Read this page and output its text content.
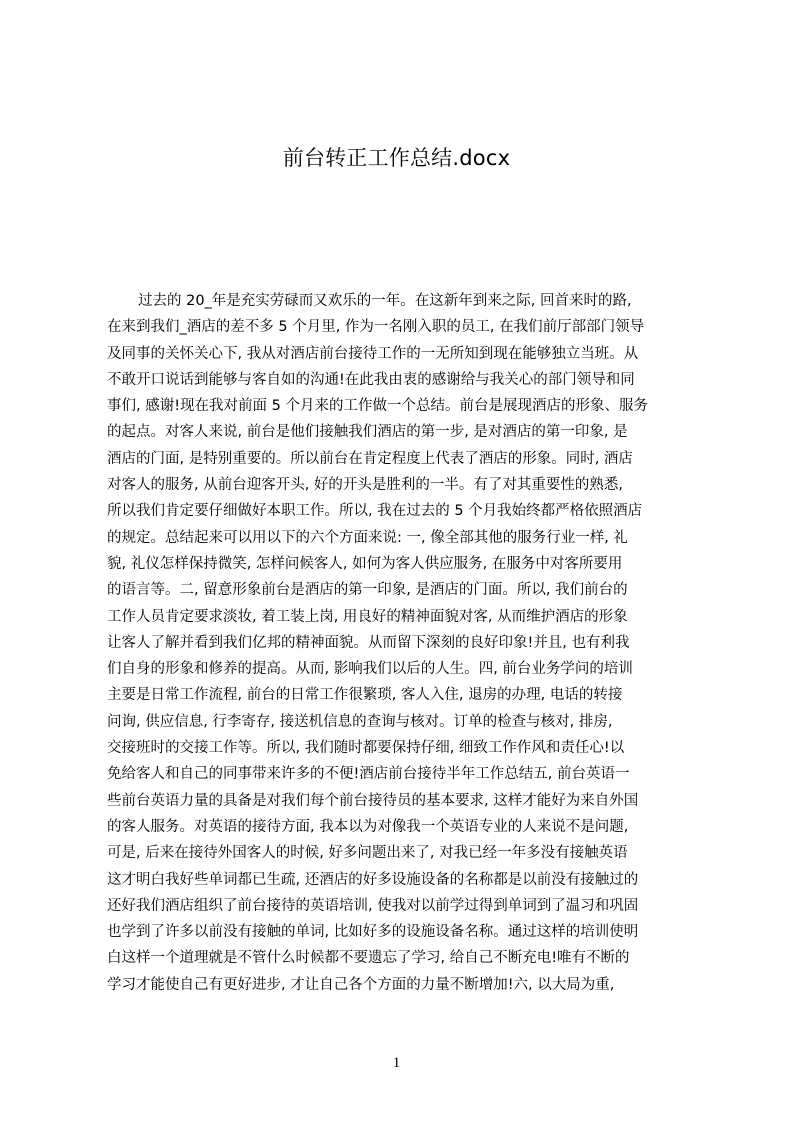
前台转正工作总结.docx
过去的 20_年是充实劳碌而又欢乐的一年。在这新年到来之际, 回首来时的路,
在来到我们_酒店的差不多 5 个月里, 作为一名刚入职的员工, 在我们前厅部部门领导
及同事的关怀关心下, 我从对酒店前台接待工作的一无所知到现在能够独立当班。从
不敢开口说话到能够与客自如的沟通!在此我由衷的感谢给与我关心的部门领导和同
事们, 感谢!现在我对前面 5 个月来的工作做一个总结。前台是展现酒店的形象、服务
的起点。对客人来说, 前台是他们接触我们酒店的第一步, 是对酒店的第一印象, 是
酒店的门面, 是特别重要的。所以前台在肯定程度上代表了酒店的形象。同时, 酒店
对客人的服务, 从前台迎客开头, 好的开头是胜利的一半。有了对其重要性的熟悉,
所以我们肯定要仔细做好本职工作。所以, 我在过去的 5 个月我始终都严格依照酒店
的规定。总结起来可以用以下的六个方面来说: 一, 像全部其他的服务行业一样, 礼
貌, 礼仪怎样保持微笑, 怎样问候客人, 如何为客人供应服务, 在服务中对客所要用
的语言等。二, 留意形象前台是酒店的第一印象, 是酒店的门面。所以, 我们前台的
工作人员肯定要求淡妆, 着工装上岗, 用良好的精神面貌对客, 从而维护酒店的形象
让客人了解并看到我们亿邦的精神面貌。从而留下深刻的良好印象!并且, 也有利我
们自身的形象和修养的提高。从而, 影响我们以后的人生。四, 前台业务学问的培训
主要是日常工作流程, 前台的日常工作很繁琐, 客人入住, 退房的办理, 电话的转接
问询, 供应信息, 行李寄存, 接送机信息的查询与核对。订单的检查与核对, 排房,
交接班时的交接工作等。所以, 我们随时都要保持仔细, 细致工作作风和责任心!以
免给客人和自己的同事带来许多的不便!酒店前台接待半年工作总结五, 前台英语一
些前台英语力量的具备是对我们每个前台接待员的基本要求, 这样才能好为来自外国
的客人服务。对英语的接待方面, 我本以为对像我一个英语专业的人来说不是问题,
可是, 后来在接待外国客人的时候, 好多问题出来了, 对我已经一年多没有接触英语
这才明白我好些单词都已生疏, 还酒店的好多设施设备的名称都是以前没有接触过的
还好我们酒店组织了前台接待的英语培训, 使我对以前学过得到单词到了温习和巩固
也学到了许多以前没有接触的单词, 比如好多的设施设备名称。通过这样的培训使明
白这样一个道理就是不管什么时候都不要遗忘了学习, 给自己不断充电!唯有不断的
学习才能使自己有更好进步, 才让自己各个方面的力量不断增加!六, 以大局为重,
1
